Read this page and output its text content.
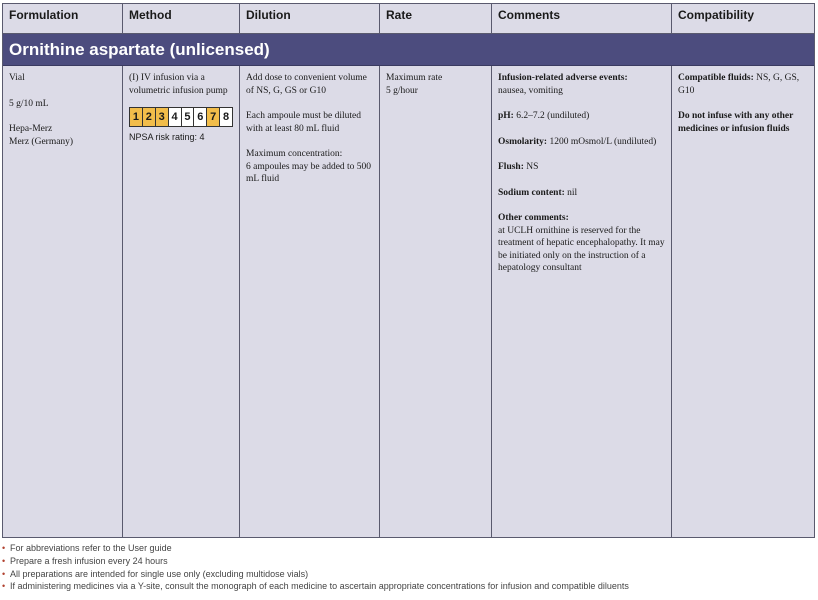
Ornithine aspartate (unlicensed)
Formulation

Vial

5 g/10 mL

Hepa-Merz

Merz (Germany)

Method

(I) IV infusion via a volumetric infusion pump

1 2 3 4 5 6 7 8
NPSA risk rating: 4
Dilution

Add dose to convenient volume of NS, G, GS or G10

Each ampoule must be diluted with at least 80 mL fluid

Maximum concentration:

6 ampoules may be added to 500 mL fluid

Rate

Maximum rate

5 g/hour

Comments

Infusion-related adverse events:
nausea, vomiting

pH: 6.2–7.2 (undiluted)

Osmolarity: 1200 mOsmol/L (undiluted)

Flush: NS

Sodium content: nil

Other comments:
at UCLH ornithine is reserved for the treatment of hepatic encephalopathy. It may be initiated only on the instruction of a hepatology consultant

Compatibility

Compatible fluids: NS, G, GS, G10

Do not infuse with any other medicines or infusion fluids

• For abbreviations refer to the User guide
• Prepare a fresh infusion every 24 hours
• All preparations are intended for single use only (excluding multidose vials)
• If administering medicines via a Y-site, consult the monograph of each medicine to ascertain appropriate concentrations for infusion and compatible diluents
